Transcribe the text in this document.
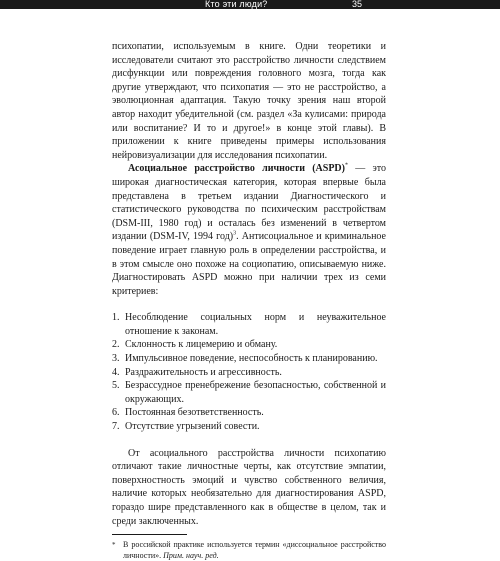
Кто эти люди?	35

психопатии, используемым в книге. Одни теоретики и исследователи считают это расстройство личности следствием дисфункции или повреждения головного мозга, тогда как другие утверждают, что психопатия — это не расстройство, а эволюционная адаптация. Такую точку зрения наш второй автор находит убедительной (см. раздел «За кулисами: природа или воспитание? И то и другое!» в конце этой главы). В приложении к книге приведены примеры использования нейровизуализации для исследования психопатии.

Асоциальное расстройство личности (ASPD)* — это широкая диагностическая категория, которая впервые была представлена в третьем издании Диагностического и статистического руководства по психическим расстройствам (DSM-III, 1980 год) и осталась без изменений в четвертом издании (DSM-IV, 1994 год)$^3$. Антисоциальное и криминальное поведение играет главную роль в определении расстройства, и в этом смысле оно похоже на социопатию, описываемую ниже. Диагностировать ASPD можно при наличии трех из семи критериев:

1. Несоблюдение социальных норм и неуважительное отношение к законам.
2. Склонность к лицемерию и обману.
3. Импульсивное поведение, неспособность к планированию.
4. Раздражительность и агрессивность.
5. Безрассудное пренебрежение безопасностью, собственной и окружающих.
6. Постоянная безответственность.
7. Отсутствие угрызений совести.

От асоциального расстройства личности психопатию отличают такие личностные черты, как отсутствие эмпатии, поверхностность эмоций и чувство собственного величия, наличие которых необязательно для диагностирования ASPD, гораздо шире представленного как в обществе в целом, так и среди заключенных.

* В российской практике используется термин «диссоциальное расстройство личности». Прим. науч. ред.
